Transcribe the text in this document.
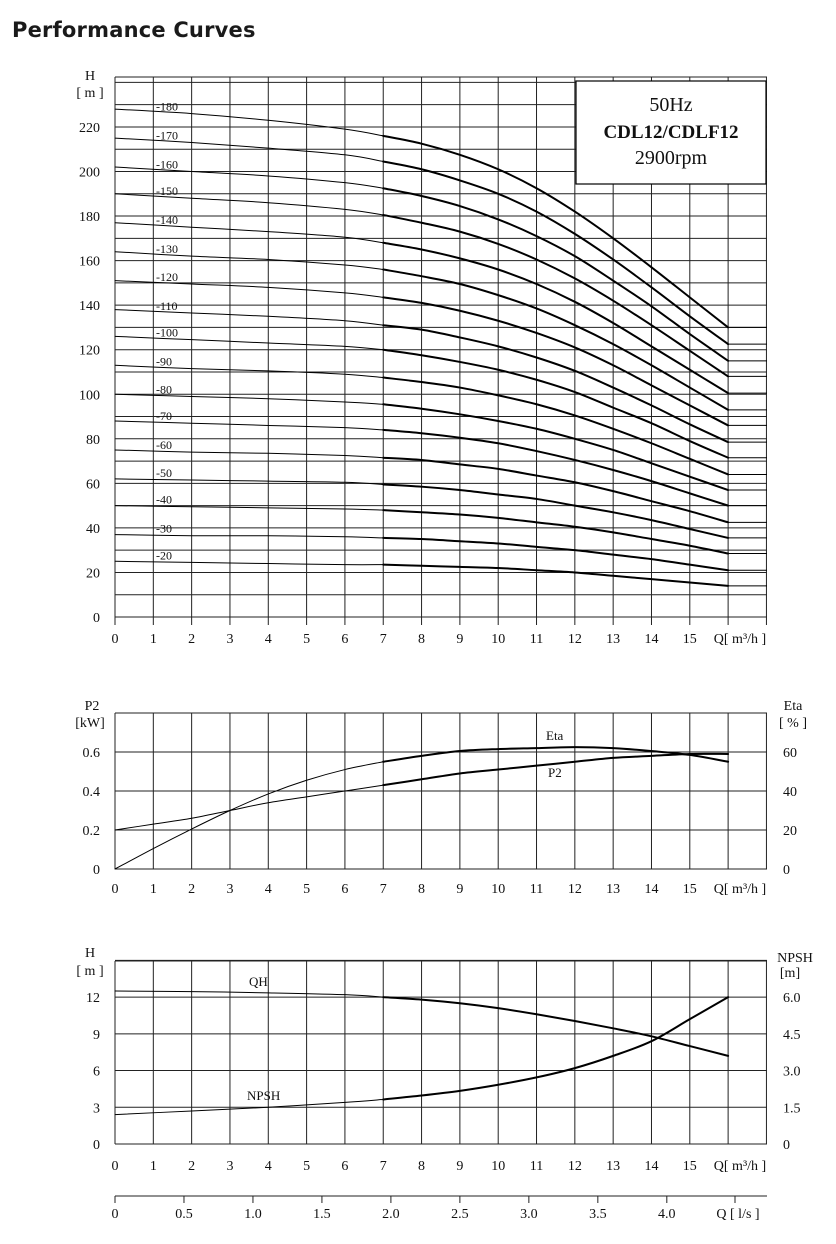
Performance Curves
0
20
40
60
80
100
120
140
160
180
200
220
H
[ m ]
0 1 2 3 4 5 6 7 8 9 10 11 12 13 14 15 Q[ m³/h ]
-180
-170
-160
-150
-140
-130
-120
-110
-100
-90
-80
-70
-60
-50
-40
-30
-20
0
0.2
0.4
0.6
0
20
40
60
P2
[kW]
Eta
[ % ]
0 1 2 3 4 5 6 7 8 9 10 11 12 13 14 15 Q[ m³/h ]
Eta
P2
0
3
6
9
12
0
1.5
3.0
4.5
6.0
H
[ m ]
NPSH
[m]
0 1 2 3 4 5 6 7 8 9 10 11 12 13 14 15 Q[ m³/h ]
QH
NPSH
0	0.5	1.0	1.5	2.0	2.5	3.0	3.5	4.0	Q [ l/s ]
50Hz
CDL12/CDLF12
2900rpm
